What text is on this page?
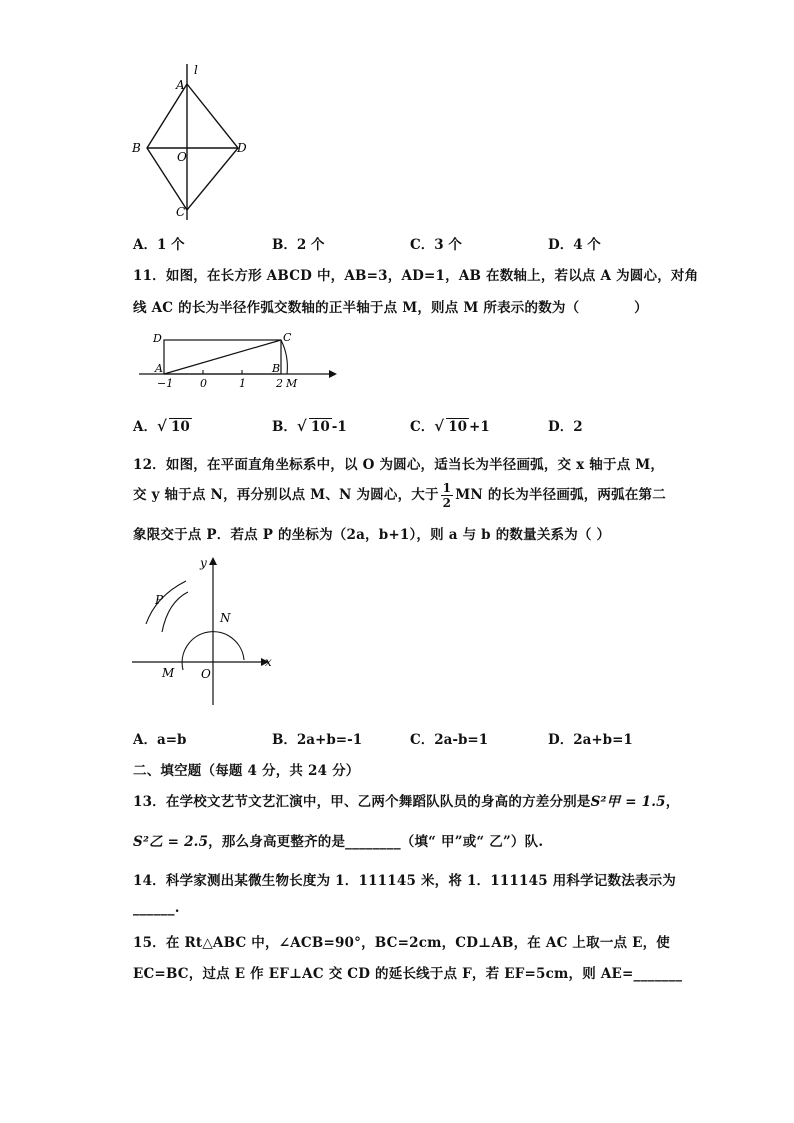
l
A
B	D
O
C
A．1 个	B．2 个	C．3 个	D．4 个
11．如图，在长方形 ABCD 中，AB=3，AD=1，AB 在数轴上，若以点 A 为圆心，对角
线 AC 的长为半径作弧交数轴的正半轴于点 M，则点 M 所表示的数为（　　　　）
D	C
A	B
−1 0	1	2 M
A． √ 10	B． √ 10 -1	C． √ 10 +1	D．2
12．如图，在平面直角坐标系中，以 O 为圆心，适当长为半径画弧，交 x 轴于点 M，
交 y 轴于点 N，再分别以点 M、N 为圆心，大于 $\frac{1}{2}$ MN 的长为半径画弧，两弧在第二
象限交于点 P．若点 P 的坐标为（2a，b+1），则 a 与 b 的数量关系为（ ）
y
x
P
N
M O
A．a=b	B．2a+b=-1	C．2a-b=1	D．2a+b=1
二、填空题（每题 4 分，共 24 分）
13．在学校文艺节文艺汇演中，甲、乙两个舞蹈队队员的身高的方差分别是S²甲 = 1.5，
S²乙 = 2.5，那么身高更整齐的是________（填“ 甲”或“ 乙”）队.
14．科学家测出某微生物长度为 1．111145 米，将 1．111145 用科学记数法表示为
______.
15．在 Rt△ABC 中，∠ACB=90°，BC=2cm，CD⊥AB，在 AC 上取一点 E，使
EC=BC，过点 E 作 EF⊥AC 交 CD 的延长线于点 F，若 EF=5cm，则 AE=_______
